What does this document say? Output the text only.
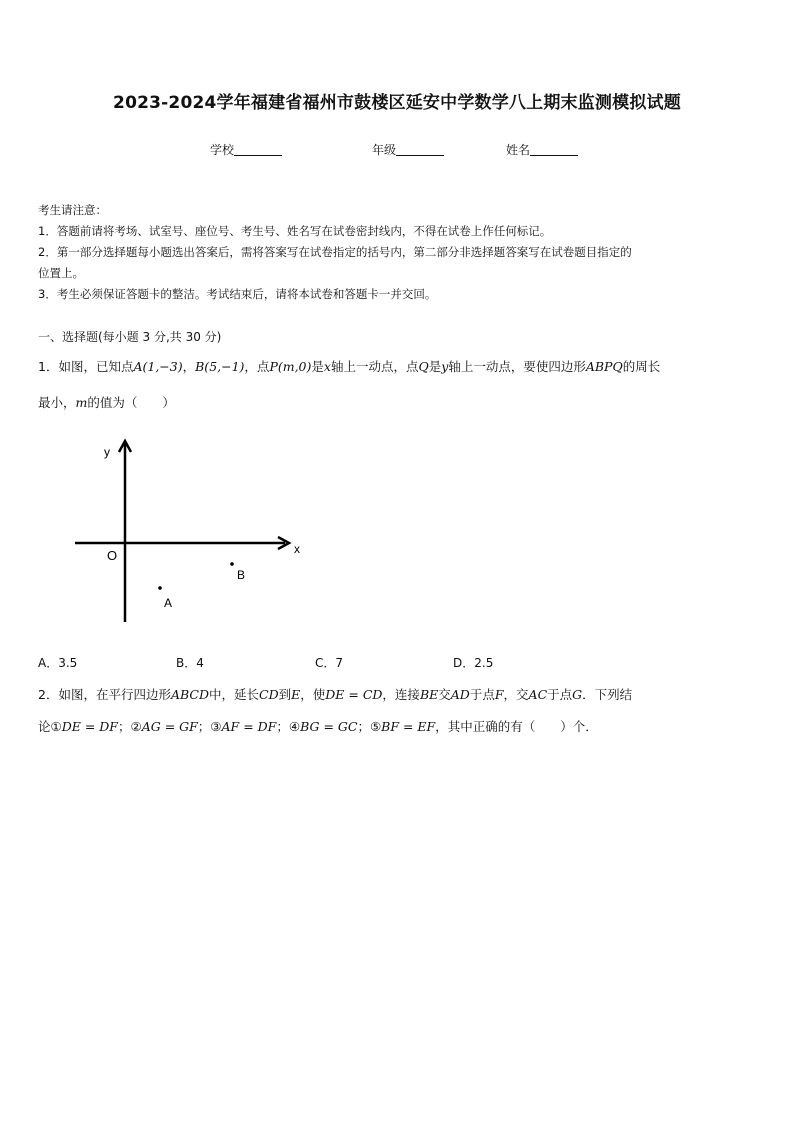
2023-2024学年福建省福州市鼓楼区延安中学数学八上期末监测模拟试题
学校	年级	姓名
考生请注意：
1．答题前请将考场、试室号、座位号、考生号、姓名写在试卷密封线内，不得在试卷上作任何标记。
2．第一部分选择题每小题选出答案后，需将答案写在试卷指定的括号内，第二部分非选择题答案写在试卷题目指定的
位置上。
3．考生必须保证答题卡的整洁。考试结束后，请将本试卷和答题卡一并交回。
一、选择题(每小题 3 分,共 30 分)
1．如图，已知点A(1,−3)，B(5,−1)，点P(m,0)是x轴上一动点，点Q是y轴上一动点，要使四边形ABPQ的周长
最小，m的值为（　　）
y
x
O
B
A
A．3.5	B．4	C．7	D．2.5
2．如图，在平行四边形ABCD中，延长CD到E，使DE = CD，连接BE交AD于点F，交AC于点G．下列结
论①DE = DF；②AG = GF；③AF = DF；④BG = GC；⑤BF = EF，其中正确的有（　　）个．
